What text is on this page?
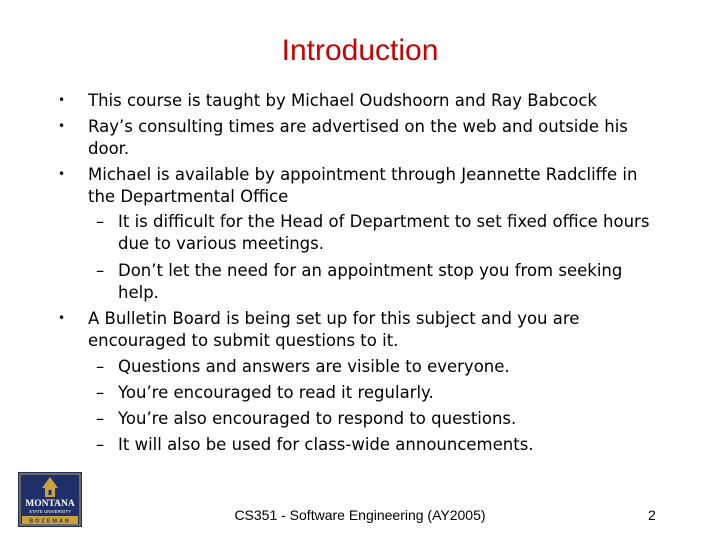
Introduction
• This course is taught by Michael Oudshoorn and Ray Babcock
• Ray’s consulting times are advertised on the web and outside his door.
• Michael is available by appointment through Jeannette Radcliffe in the Departmental Office
– It is difficult for the Head of Department to set fixed office hours due to various meetings.
– Don’t let the need for an appointment stop you from seeking help.
• A Bulletin Board is being set up for this subject and you are encouraged to submit questions to it.
– Questions and answers are visible to everyone.
– You’re encouraged to read it regularly.
– You’re also encouraged to respond to questions.
– It will also be used for class-wide announcements.
MONTANA
STATE UNIVERSITY
BOZEMAN	CS351 - Software Engineering (AY2005)	2
